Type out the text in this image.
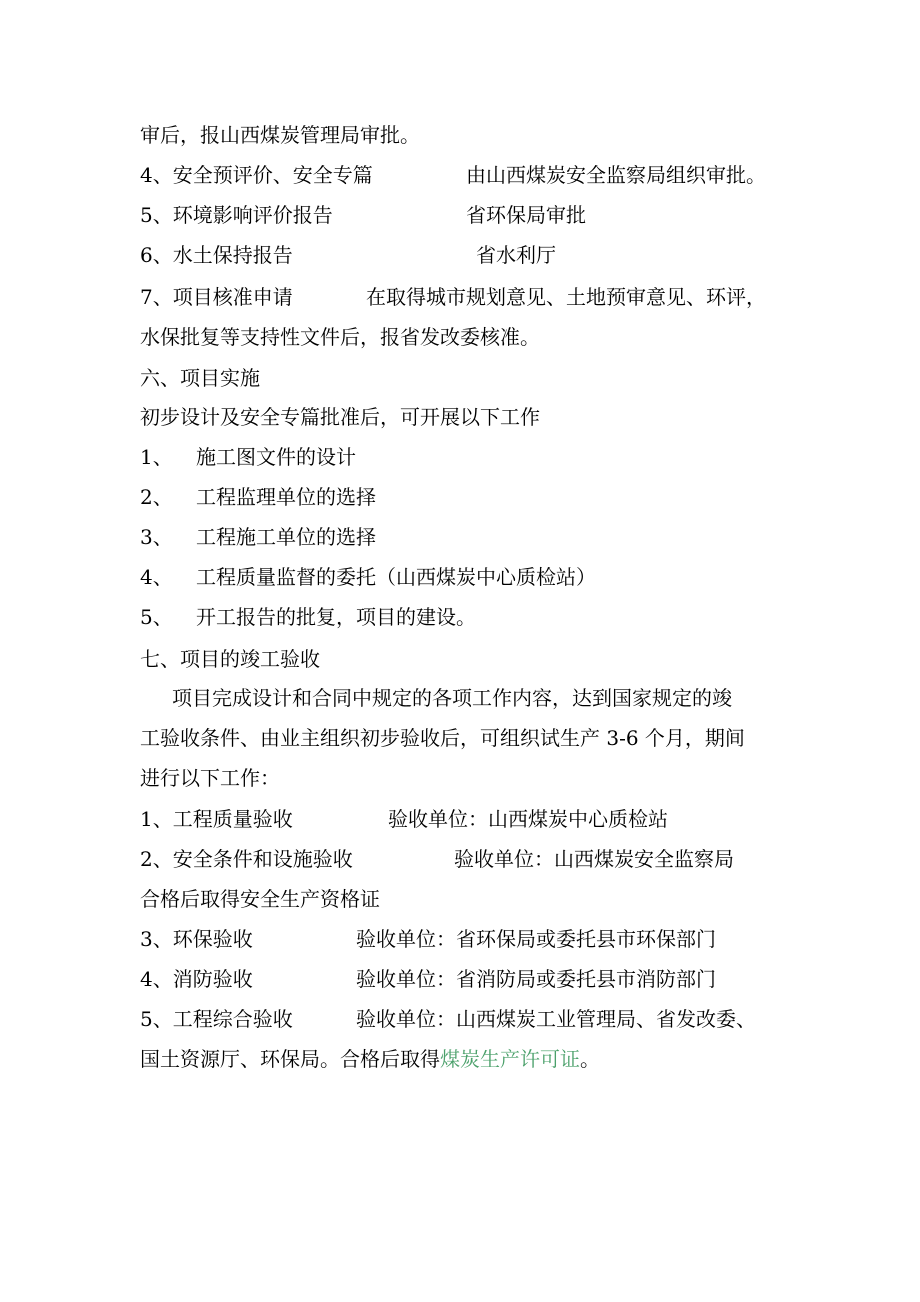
审后，报山西煤炭管理局审批。
4、安全预评价、安全专篇	由山西煤炭安全监察局组织审批。
5、环境影响评价报告	省环保局审批
6、水土保持报告	省水利厅
7、项目核准申请	在取得城市规划意见、土地预审意见、环评，
水保批复等支持性文件后，报省发改委核准。
六、项目实施
初步设计及安全专篇批准后，可开展以下工作
1、 施工图文件的设计
2、 工程监理单位的选择
3、 工程施工单位的选择
4、 工程质量监督的委托（山西煤炭中心质检站）
5、 开工报告的批复，项目的建设。
七、项目的竣工验收
项目完成设计和合同中规定的各项工作内容，达到国家规定的竣
工验收条件、由业主组织初步验收后，可组织试生产 3-6 个月，期间
进行以下工作：
1、工程质量验收	验收单位：山西煤炭中心质检站
2、安全条件和设施验收	验收单位：山西煤炭安全监察局
合格后取得安全生产资格证
3、环保验收	验收单位：省环保局或委托县市环保部门
4、消防验收	验收单位：省消防局或委托县市消防部门
5、工程综合验收	验收单位：山西煤炭工业管理局、省发改委、
国土资源厅、环保局。合格后取得煤炭生产许可证。
